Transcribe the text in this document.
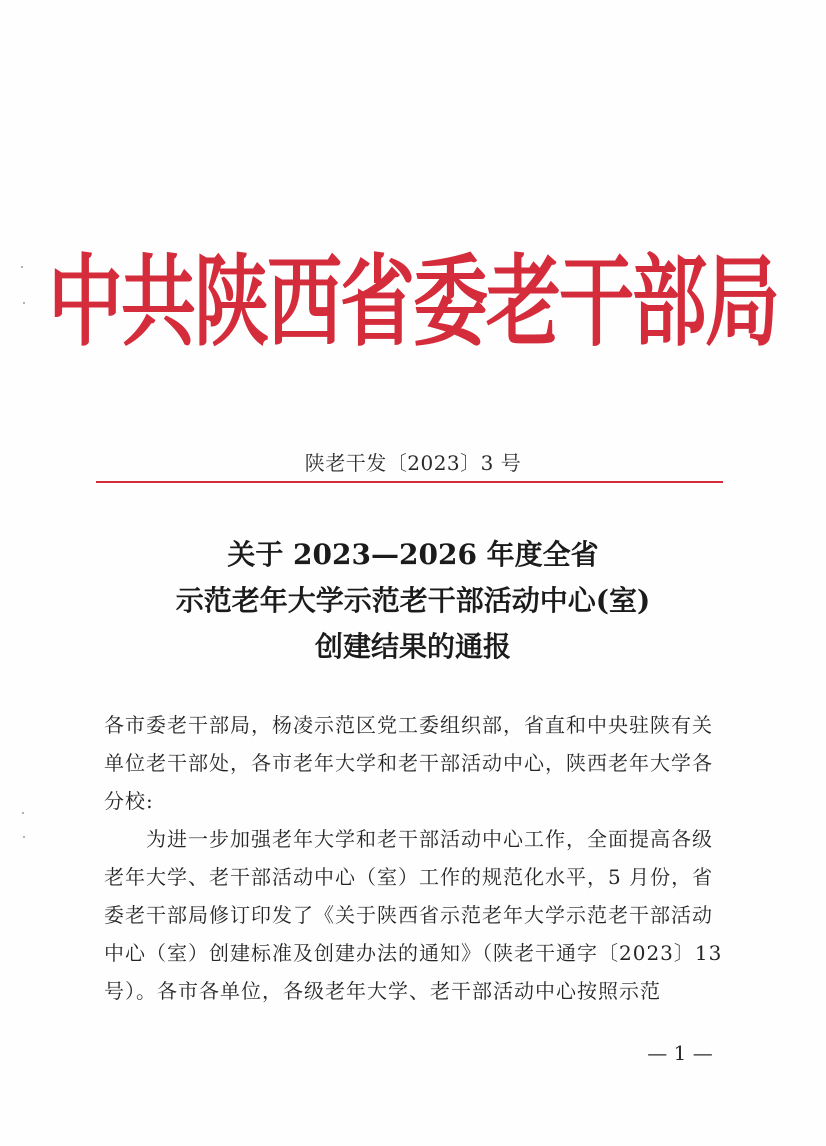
中共陕西省委老干部局
陕老干发〔2023〕3 号
关于 2023—2026 年度全省
示范老年大学示范老干部活动中心(室)
创建结果的通报
各市委老干部局，杨凌示范区党工委组织部，省直和中央驻陕有关单位老干部处，各市老年大学和老干部活动中心，陕西老年大学各分校:
为进一步加强老年大学和老干部活动中心工作，全面提高各级老年大学、老干部活动中心（室）工作的规范化水平，5 月份，省委老干部局修订印发了《关于陕西省示范老年大学示范老干部活动中心（室）创建标准及创建办法的通知》（陕老干通字〔2023〕13 号）。各市各单位，各级老年大学、老干部活动中心按照示范
— 1 —
